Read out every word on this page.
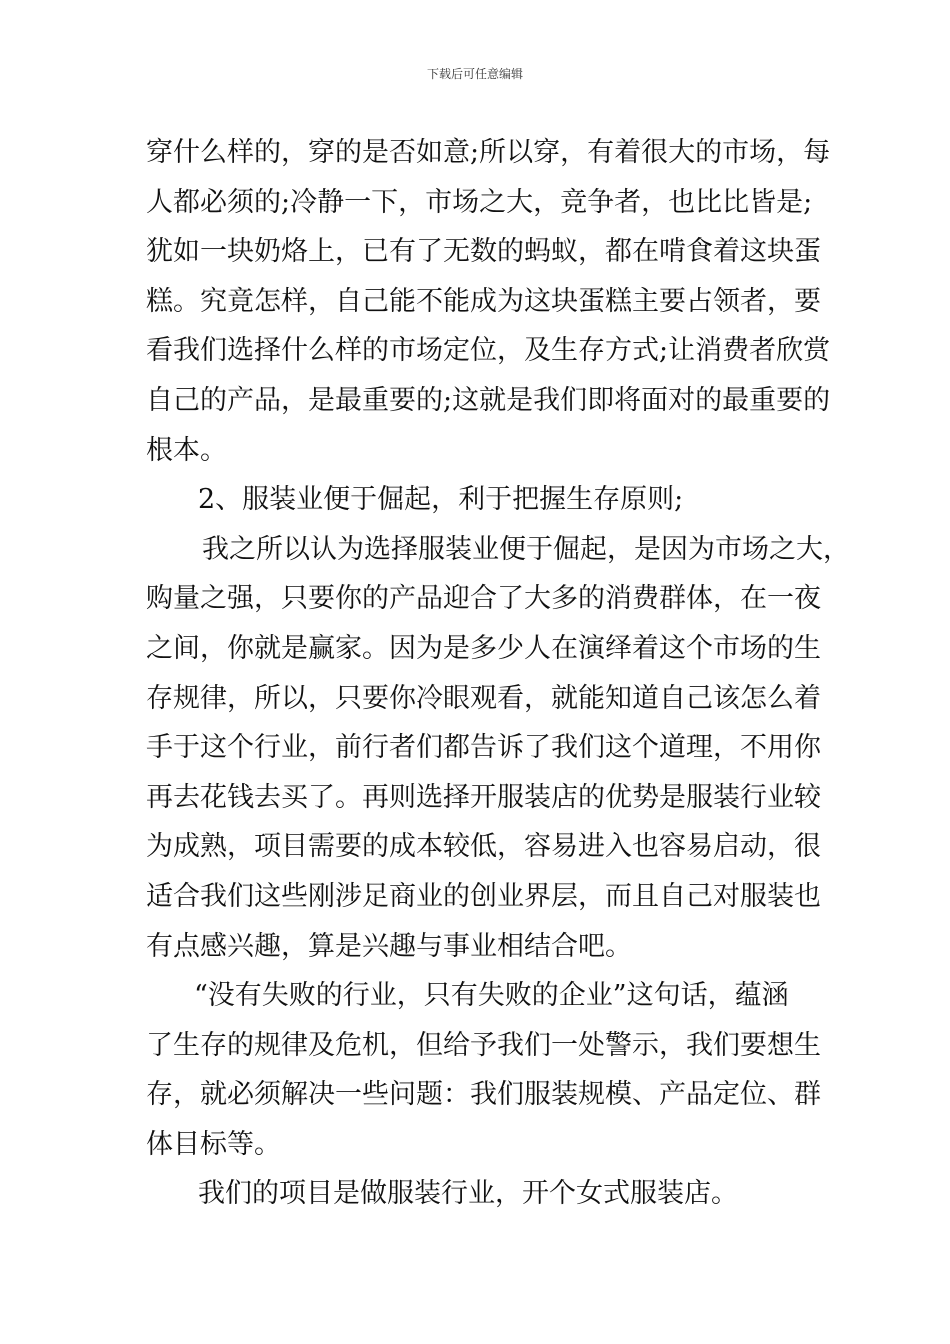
下载后可任意编辑
穿什么样的，穿的是否如意;所以穿，有着很大的市场，每
人都必须的;冷静一下，市场之大，竞争者，也比比皆是;
犹如一块奶烙上，已有了无数的蚂蚁，都在啃食着这块蛋
糕。究竟怎样，自己能不能成为这块蛋糕主要占领者，要
看我们选择什么样的市场定位，及生存方式;让消费者欣赏
自己的产品，是最重要的;这就是我们即将面对的最重要的
根本。
2、服装业便于倔起，利于把握生存原则;
我之所以认为选择服装业便于倔起，是因为市场之大，
购量之强，只要你的产品迎合了大多的消费群体，在一夜
之间，你就是赢家。因为是多少人在演绎着这个市场的生
存规律，所以，只要你冷眼观看，就能知道自己该怎么着
手于这个行业，前行者们都告诉了我们这个道理，不用你
再去花钱去买了。再则选择开服装店的优势是服装行业较
为成熟，项目需要的成本较低，容易进入也容易启动，很
适合我们这些刚涉足商业的创业界层，而且自己对服装也
有点感兴趣，算是兴趣与事业相结合吧。
“没有失败的行业，只有失败的企业”这句话，蕴涵
了生存的规律及危机，但给予我们一处警示，我们要想生
存，就必须解决一些问题：我们服装规模、产品定位、群
体目标等。
我们的项目是做服装行业，开个女式服装店。
